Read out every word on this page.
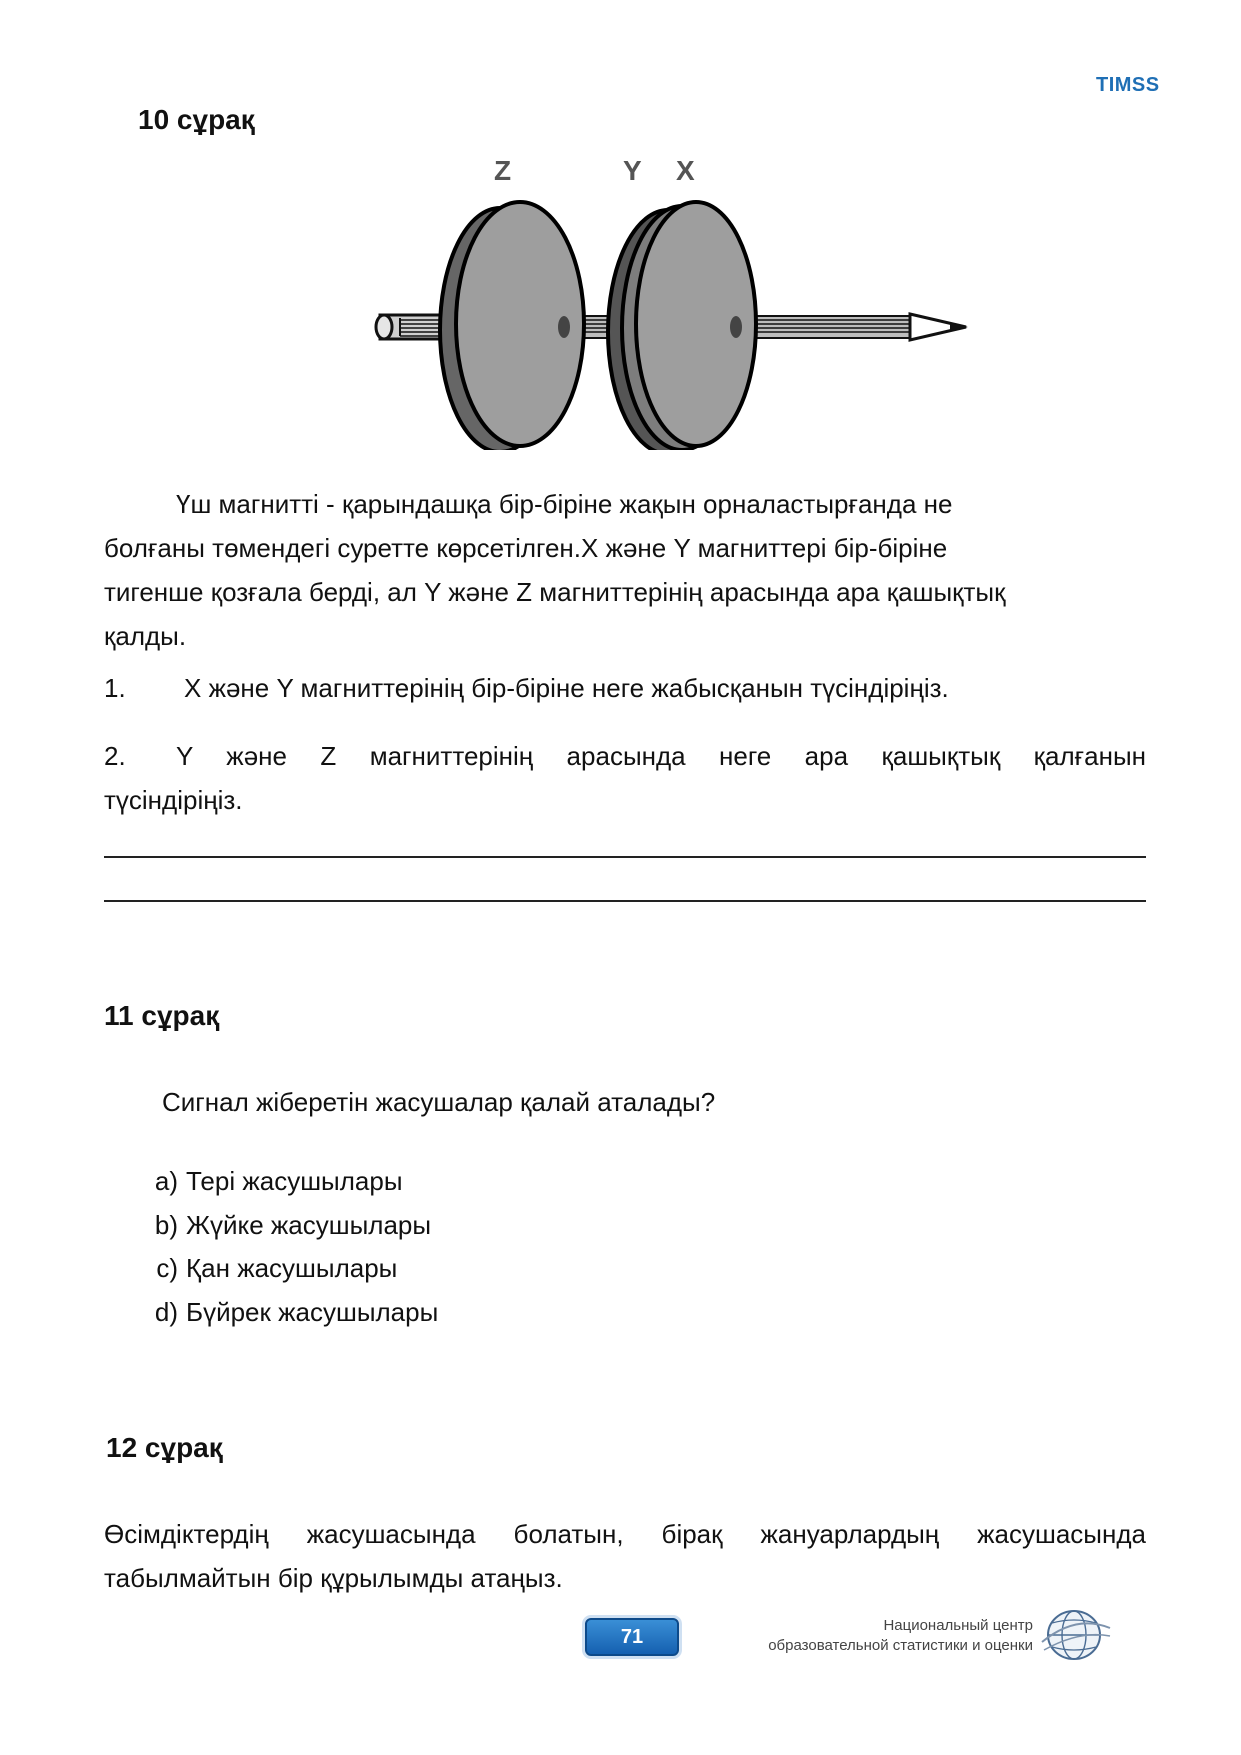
TIMSS
10 сұрақ
Z	Y X
Үш магнитті - қарындашқа бір-біріне жақын орналастырғанда не
болғаны төмендегі суретте көрсетілген.X және Y магниттері бір-біріне
тигенше қозғала берді, ал Y және Z магниттерінің арасында ара қашықтық
қалды.
1. X және Y магниттерінің бір-біріне неге жабысқанын түсіндіріңіз.
2.	Y және Z магниттерінің арасында неге ара қашықтық қалғанын
түсіндіріңіз.
11 сұрақ
Сигнал жіберетін жасушалар қалай аталады?
a) Тері жасушылары
b) Жүйке жасушылары
c) Қан жасушылары
d) Бүйрек жасушылары
12 сұрақ
Өсімдіктердің жасушасында болатын, бірақ жануарлардың жасушасында
табылмайтын бір құрылымды атаңыз.
71
Национальный центр
образовательной статистики и оценки
